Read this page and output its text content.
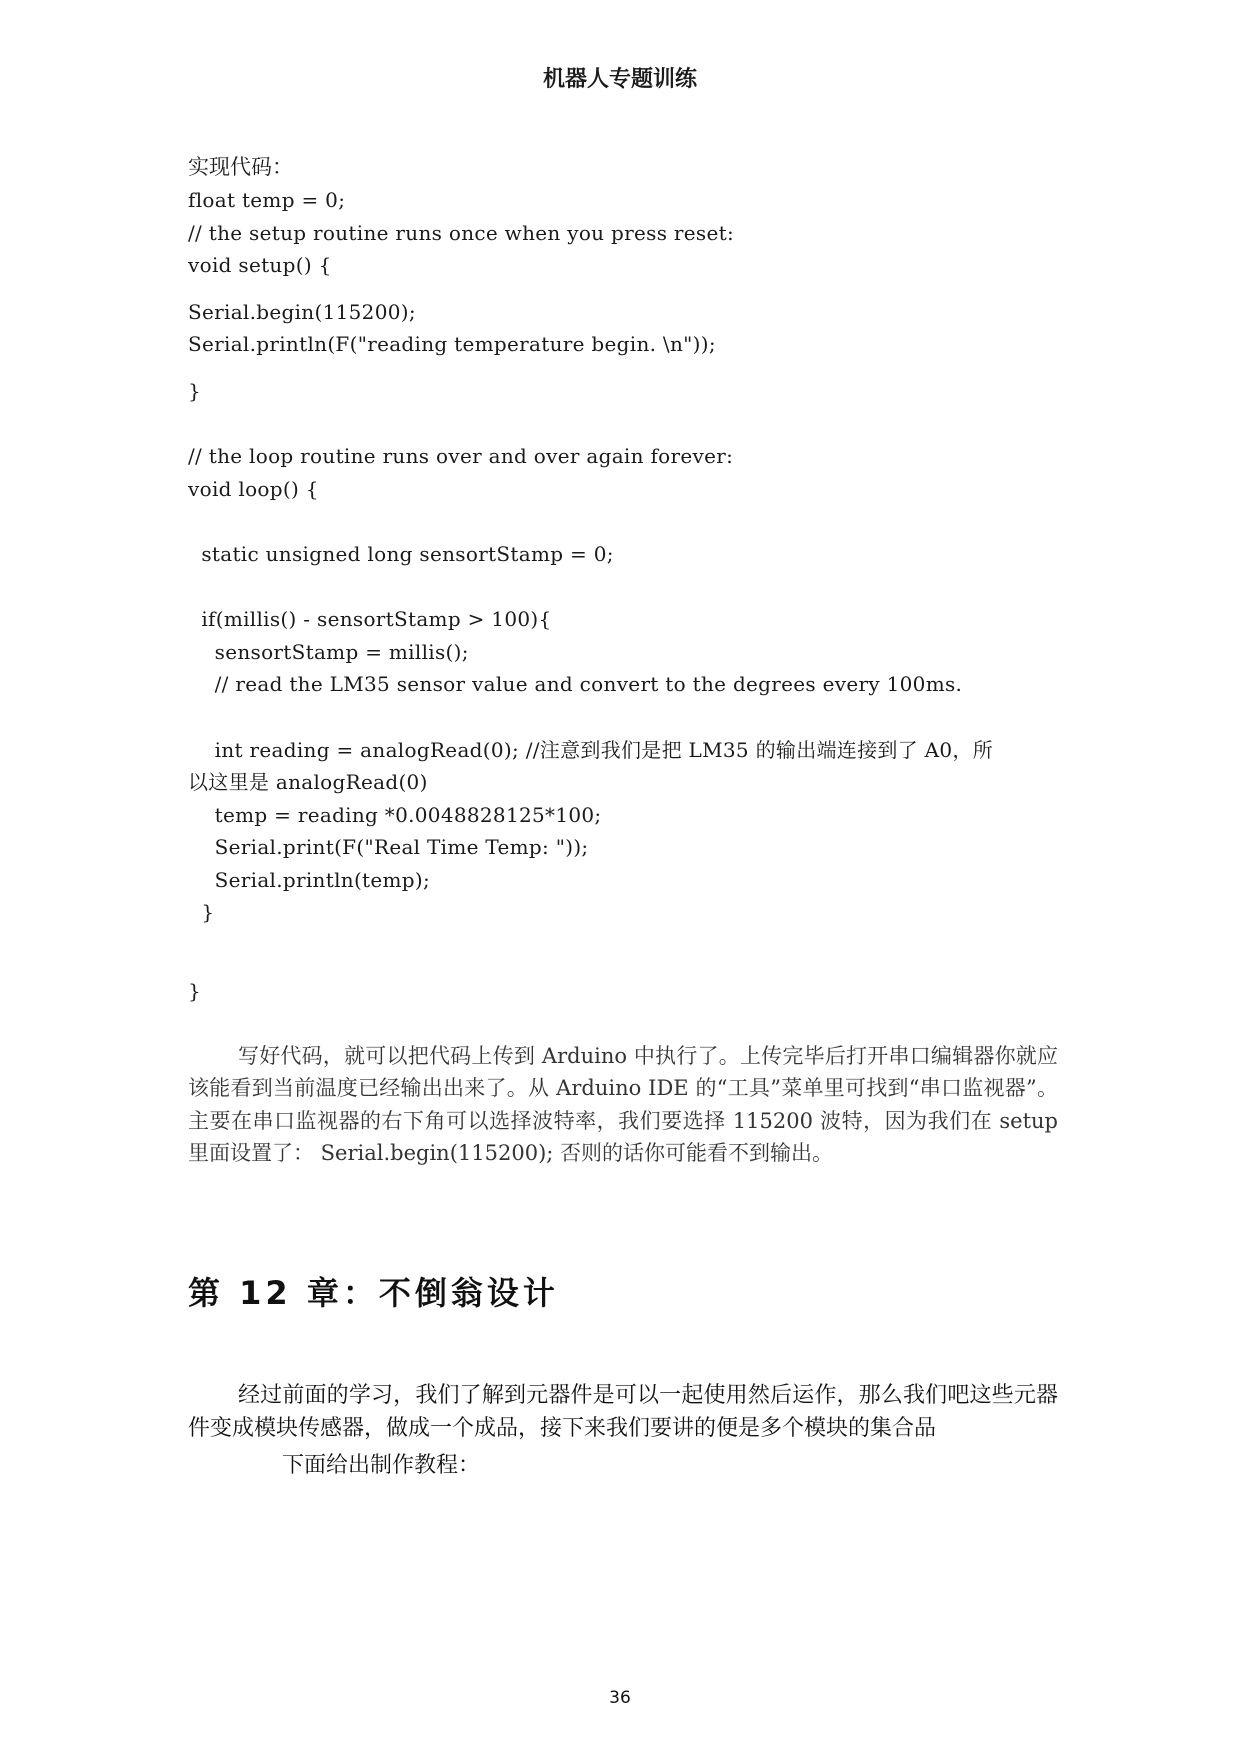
机器人专题训练
实现代码：
float temp = 0;
// the setup routine runs once when you press reset:
void setup() {
Serial.begin(115200);
Serial.println(F("reading temperature begin. \n"));
}
// the loop routine runs over and over again forever:
void loop() {
static unsigned long sensortStamp = 0;
if(millis() - sensortStamp > 100){
sensortStamp = millis();
// read the LM35 sensor value and convert to the degrees every 100ms.
int reading = analogRead(0); //注意到我们是把 LM35 的输出端连接到了 A0，所
以这里是 analogRead(0)
temp = reading *0.0048828125*100;
Serial.print(F("Real Time Temp: "));
Serial.println(temp);
}
}

写好代码，就可以把代码上传到 Arduino 中执行了。上传完毕后打开串口编辑器你就应该能看到当前温度已经输出出来了。从 Arduino IDE 的“工具”菜单里可找到“串口监视器”。主要在串口监视器的右下角可以选择波特率，我们要选择 115200 波特，因为我们在 setup 里面设置了： Serial.begin(115200); 否则的话你可能看不到输出。

第 12 章：不倒翁设计

经过前面的学习，我们了解到元器件是可以一起使用然后运作，那么我们吧这些元器件变成模块传感器，做成一个成品，接下来我们要讲的便是多个模块的集合品

下面给出制作教程：
36
